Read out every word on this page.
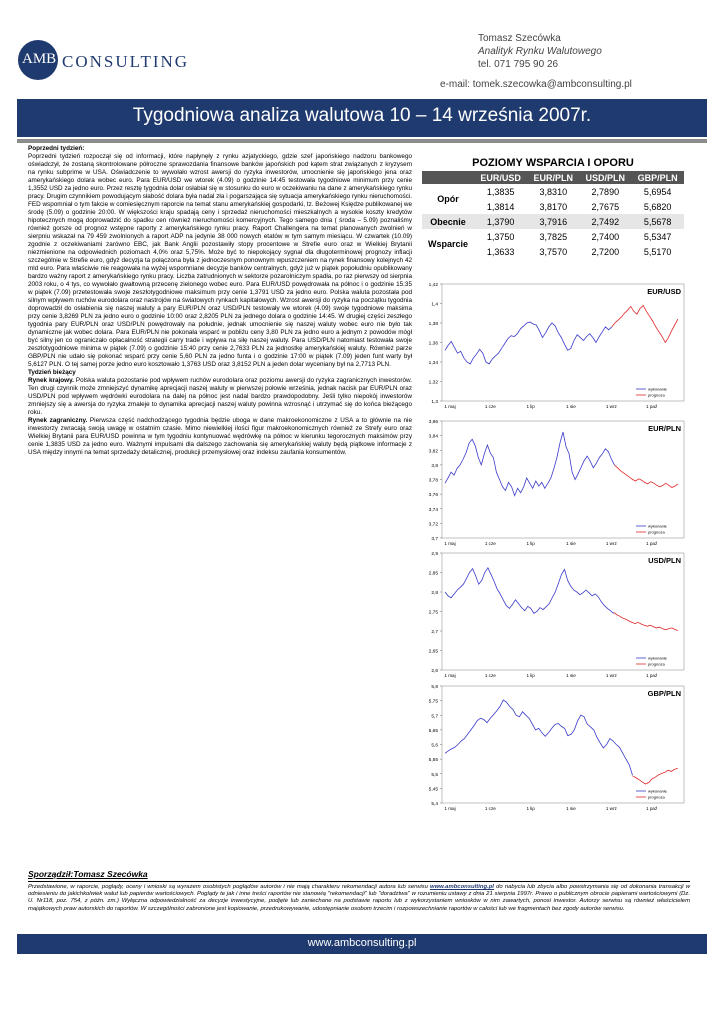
AMB CONSULTING
Tomasz Szecówka
Analityk Rynku Walutowego
tel. 071 795 90 26
e-mail: tomek.szecowka@ambconsulting.pl
Tygodniowa analiza walutowa 10 – 14 września 2007r.

Poprzedni tydzień:

Poprzedni tydzień rozpoczął się od informacji, które napłynęły z rynku azjatyckiego, gdzie szef japońskiego nadzoru bankowego oświadczył, że zostaną skontrolowane półroczne sprawozdania finansowe banków japońskich pod kątem strat związanych z kryzysem na rynku subprime w USA. Oświadczenie to wywołało wzrost awersji do ryzyka inwestorów, umocnienie się japońskiego jena oraz amerykańskiego dolara wobec euro. Para EUR/USD we wtorek (4.09) o godzinie 14:45 testowała tygodniowe minimum przy cenie 1,3552 USD za jedno euro. Przez resztę tygodnia dolar osłabiał się w stosunku do euro w oczekiwaniu na dane z amerykańskiego rynku pracy. Drugim czynnikiem powodującym słabość dolara była nadal zła i pogarszająca się sytuacja amerykańskiego rynku nieruchomości. FED wspomniał o tym fakcie w comiesięcznym raporcie na temat stanu amerykańskiej gospodarki, tz. Beżowej Księdze publikowanej we środę (5.09) o godzinie 20:00. W większości kraju spadają ceny i sprzedaż nieruchomości mieszkalnych a wysokie koszty kredytów hipotecznych mogą doprowadzić do spadku cen również nieruchomości komercyjnych. Tego samego dnia ( środa – 5.09) poznaliśmy również gorsze od prognoz wstępne raporty z amerykańskiego rynku pracy. Raport Challengera na temat planowanych zwolnień w sierpniu wskazał na 79 459 zwolnionych a raport ADP na jedynie 38 000 nowych etatów w tym samym miesiącu. W czwartek (10.09) zgodnie z oczekiwaniami zarówno EBC, jak Bank Anglii pozostawiły stopy procentowe w Strefie euro oraz w Wielkiej Brytanii niezmienione na odpowiednich poziomach 4,0% oraz 5,75%. Może być to niepokojący sygnał dla długoterminowej prognozy inflacji szczególnie w Strefie euro, gdyż decyzja ta połączona była z jednoczesnym ponownym wpuszczeniem na rynek finansowy kolejnych 42 mld euro. Para właściwie nie reagowała na wyżej wspomniane decyzje banków centralnych, gdyż już w piątek popołudniu opublikowany bardzo ważny raport z amerykańskiego rynku pracy. Liczba zatrudnionych w sektorze pozarolniczym spadła, po raz pierwszy od sierpnia 2003 roku, o 4 tys, co wywołało gwałtowną przecenę zielonego wobec euro. Para EUR/USD powędrowała na północ i o godzinie 15:35 w piątek (7.09) przetestowała swoje zeszłotygodniowe maksimum przy cenie 1,3791 USD za jedno euro. Polska waluta pozostała pod silnym wpływem ruchów eurodolara oraz nastrojów na światowych rynkach kapitałowych. Wzrost awersji do ryzyka na początku tygodnia doprowadził do osłabienia się naszej waluty a pary EUR/PLN oraz USD/PLN testowały we wtorek (4.09) swoje tygodniowe maksima przy cenie 3,8269 PLN za jedno euro o godzinie 10:00 oraz 2,8205 PLN za jednego dolara o godzinie 14:45. W drugiej części zeszłego tygodnia pary EUR/PLN oraz USD/PLN powędrowały na południe, jednak umocnienie się naszej waluty wobec euro nie było tak dynamiczne jak wobec dolara. Para EUR/PLN nie pokonała wsparć w pobliżu ceny 3,80 PLN za jedno euro a jednym z powodów mógł być silny jen co ograniczało opłacalność strategii carry trade i wpływa na siłę naszej waluty. Para USD/PLN natomiast testowała swoje zeszłotygodniowe minima w piątek (7.09) o godzinie 15:40 przy cenie 2,7633 PLN za jednostkę amerykańskiej waluty. Również parze GBP/PLN nie udało się pokonać wsparć przy cenie 5,60 PLN za jedno funta i o godzinie 17:00 w piątek (7.09) jeden funt warty był 5,6127 PLN. O tej samej porze jedno euro kosztowało 1,3763 USD oraz 3,8152 PLN a jeden dolar wyceniany był na 2,7713 PLN.

Tydzień bieżący

Rynek krajowy. Polska waluta pozostanie pod wpływem ruchów eurodolara oraz poziomu awersji do ryzyka zagranicznych inwestorów. Ten drugi czynnik może zmniejszyć dynamikę aprecjacji naszej waluty w pierwszej połowie września, jednak nacisk par EUR/PLN oraz USD/PLN pod wpływem wędrówki eurodolara na dalej na północ jest nadal bardzo prawdopodobny. Jeśli tylko niepokój inwestorów zmniejszy się a awersja do ryzyka zmaleje to dynamika aprecjacji naszej waluty powinna wzrosnąć i utrzymać się do końca bieżącego roku.

Rynek zagraniczny. Pierwsza część nadchodzącego tygodnia będzie uboga w dane makroekonomiczne z USA a to głównie na nie inwestorzy zwracają swoją uwagę w ostatnim czasie. Mimo niewielkiej ilości figur makroekonomicznych również ze Strefy euro oraz Wielkiej Brytanii para EUR/USD powinna w tym tygodniu kontynuować wędrówkę na północ w kierunku tegorocznych maksimów przy cenie 1,3835 USD za jedno euro. Ważnymi impulsami dla dalszego zachowania się amerykańskiej waluty będą piątkowe informacje z USA między innymi na temat sprzedaży detalicznej, produkcji przemysłowej oraz indeksu zaufania konsumentów.

POZIOMY WSPARCIA I OPORU
	EUR/USD	EUR/PLN	USD/PLN	GBP/PLN
Opór	1,3835	3,8310	2,7890	5,6954
	1,3814	3,8170	2,7675	5,6820
Obecnie	1,3790	3,7916	2,7492	5,5678
Wsparcie	1,3750	3,7825	2,7400	5,5347
	1,3633	3,7570	2,7200	5,5170
1,3
1,32
1,34
1,36
1,38
1,4
1,42
1 maj	1 cze	1 lip	1 sie	1 wrz	1 paź
EUR/USD
wykonanie
prognoza
3,7
3,72
3,74
3,76
3,78
3,8
3,82
3,84
3,86
1 maj	1 cze	1 lip	1 sie	1 wrz	1 paź
EUR/PLN
wykonanie
prognoza
2,6
2,65
2,7
2,75
2,8
2,85
2,9
1 maj	1 cze	1 lip	1 sie	1 wrz	1 paź
USD/PLN
wykonanie
prognoza
5,4
5,45
5,5
5,55
5,6
5,65
5,7
5,75
5,8
1 maj	1 cze	1 lip	1 sie	1 wrz	1 paź
GBP/PLN
wykonanie
prognoza
Sporządził:Tomasz Szecówka
Przedstawione, w raporcie, poglądy, oceny i wnioski są wyrazem osobistych poglądów autorów i nie mają charakteru rekomendacji autora lub serwisu www.ambconsulting.pl do nabycia lub zbycia albo powstrzymania się od dokonania transakcji w odniesieniu do jakichkolwiek walut lub papierów wartościowych. Poglądy te jak i inne treści raportów nie stanowią "rekomendacji" lub "doradztwa" w rozumieniu ustawy z dnia 21 sierpnia 1997r. Prawo o publicznym obrocie papierami wartościowymi (Dz. U. Nr118, poz. 754, z późn. zm.) Wyłączna odpowiedzialność za decyzje inwestycyjne, podjęte lub zaniechane na podstawie raportu lub z wykorzystaniem wniosków w nim zawartych, ponosi inwestor. Autorzy serwisu są również właścicielem majątkowych praw autorskich do raportów. W szczególności zabronione jest kopiowanie, przedrukowywanie, udostępnianie osobom trzecim i rozpowszechnianie raportów w całości lub we fragmentach bez zgody autorów serwisu.
www.ambconsulting.pl
